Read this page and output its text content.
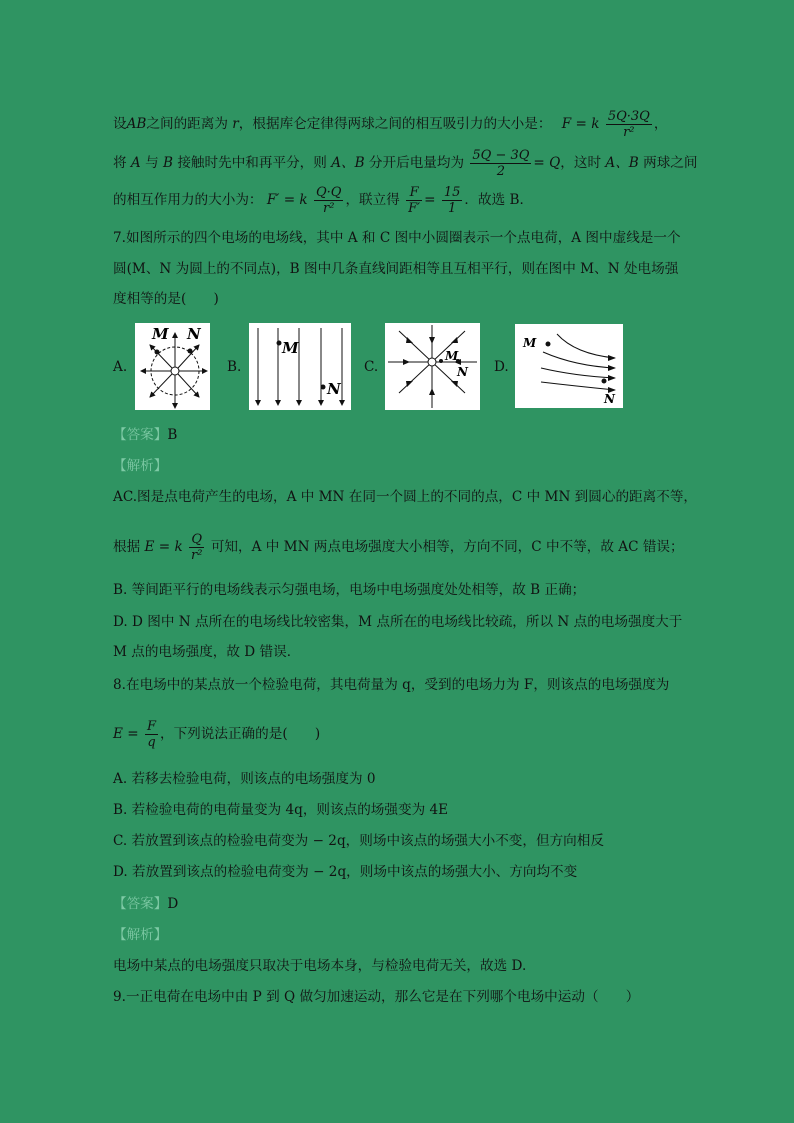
设AB之间的距离为 r，根据库仑定律得两球之间的相互吸引力的大小是： F = k $\frac{5Q\cdot 3Q}{\text{r²}}$ ，
将 A 与 B 接触时先中和再平分，则 A、B 分开后电量均为 $\frac{5Q - 3Q}{2} = Q$，这时 A、B 两球之间
的相互作用力的大小为： F′ = k $\frac{Q\cdot Q}{\text{r²}}$ ，联立得 $\frac{F}{F'} = \frac{15}{1}$ ．故选 B．
7.如图所示的四个电场的电场线，其中 A 和 C 图中小圆圈表示一个点电荷，A 图中虚线是一个
圆(M、N 为圆上的不同点)，B 图中几条直线间距相等且互相平行，则在图中 M、N 处电场强
度相等的是(　　)
A.
M N
B.
M
N
C.
M
N D.
M
N
【答案】B
【解析】
AC.图是点电荷产生的电场，A 中 MN 在同一个圆上的不同的点，C 中 MN 到圆心的距离不等，
根据 E = k $\frac{Q}{\text{r²}}$ 可知，A 中 MN 两点电场强度大小相等，方向不同，C 中不等，故 AC 错误；
B. 等间距平行的电场线表示匀强电场，电场中电场强度处处相等，故 B 正确；
D. D 图中 N 点所在的电场线比较密集，M 点所在的电场线比较疏，所以 N 点的电场强度大于
M 点的电场强度，故 D 错误．
8.在电场中的某点放一个检验电荷，其电荷量为 q，受到的电场力为 F，则该点的电场强度为
$E = \frac{F}{q}$ ，下列说法正确的是(　　)
A. 若移去检验电荷，则该点的电场强度为 0
B. 若检验电荷的电荷量变为 4q，则该点的场强变为 4E
C. 若放置到该点的检验电荷变为 − 2q，则场中该点的场强大小不变，但方向相反
D. 若放置到该点的检验电荷变为 − 2q，则场中该点的场强大小、方向均不变
【答案】D
【解析】
电场中某点的电场强度只取决于电场本身，与检验电荷无关，故选 D.
9.一正电荷在电场中由 P 到 Q 做匀加速运动，那么它是在下列哪个电场中运动（　　）
